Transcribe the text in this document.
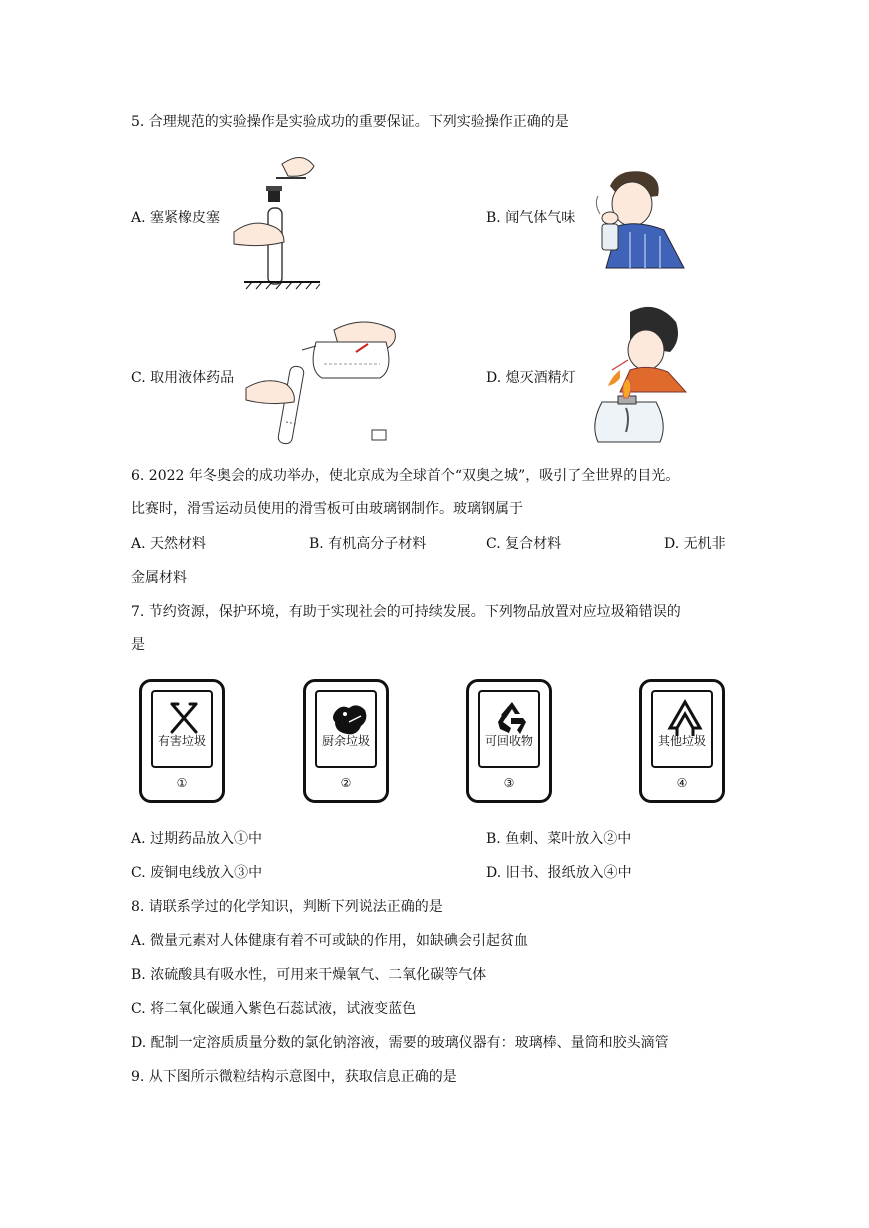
5. 合理规范的实验操作是实验成功的重要保证。下列实验操作正确的是
A. 塞紧橡皮塞	B. 闻气体气味
C. 取用液体药品	D. 熄灭酒精灯
6. 2022 年冬奥会的成功举办，使北京成为全球首个“双奥之城”，吸引了全世界的目光。
比赛时，滑雪运动员使用的滑雪板可由玻璃钢制作。玻璃钢属于
A. 天然材料	B. 有机高分子材料	C. 复合材料	D. 无机非
金属材料
7. 节约资源，保护环境，有助于实现社会的可持续发展。下列物品放置对应垃圾箱错误的
是
有害垃圾
①
厨余垃圾
②
可回收物
③
其他垃圾
④
A. 过期药品放入①中	B. 鱼刺、菜叶放入②中
C. 废铜电线放入③中	D. 旧书、报纸放入④中
8. 请联系学过的化学知识，判断下列说法正确的是
A. 微量元素对人体健康有着不可或缺的作用，如缺碘会引起贫血
B. 浓硫酸具有吸水性，可用来干燥氧气、二氧化碳等气体
C. 将二氧化碳通入紫色石蕊试液，试液变蓝色
D. 配制一定溶质质量分数的氯化钠溶液，需要的玻璃仪器有：玻璃棒、量筒和胶头滴管
9. 从下图所示微粒结构示意图中，获取信息正确的是
